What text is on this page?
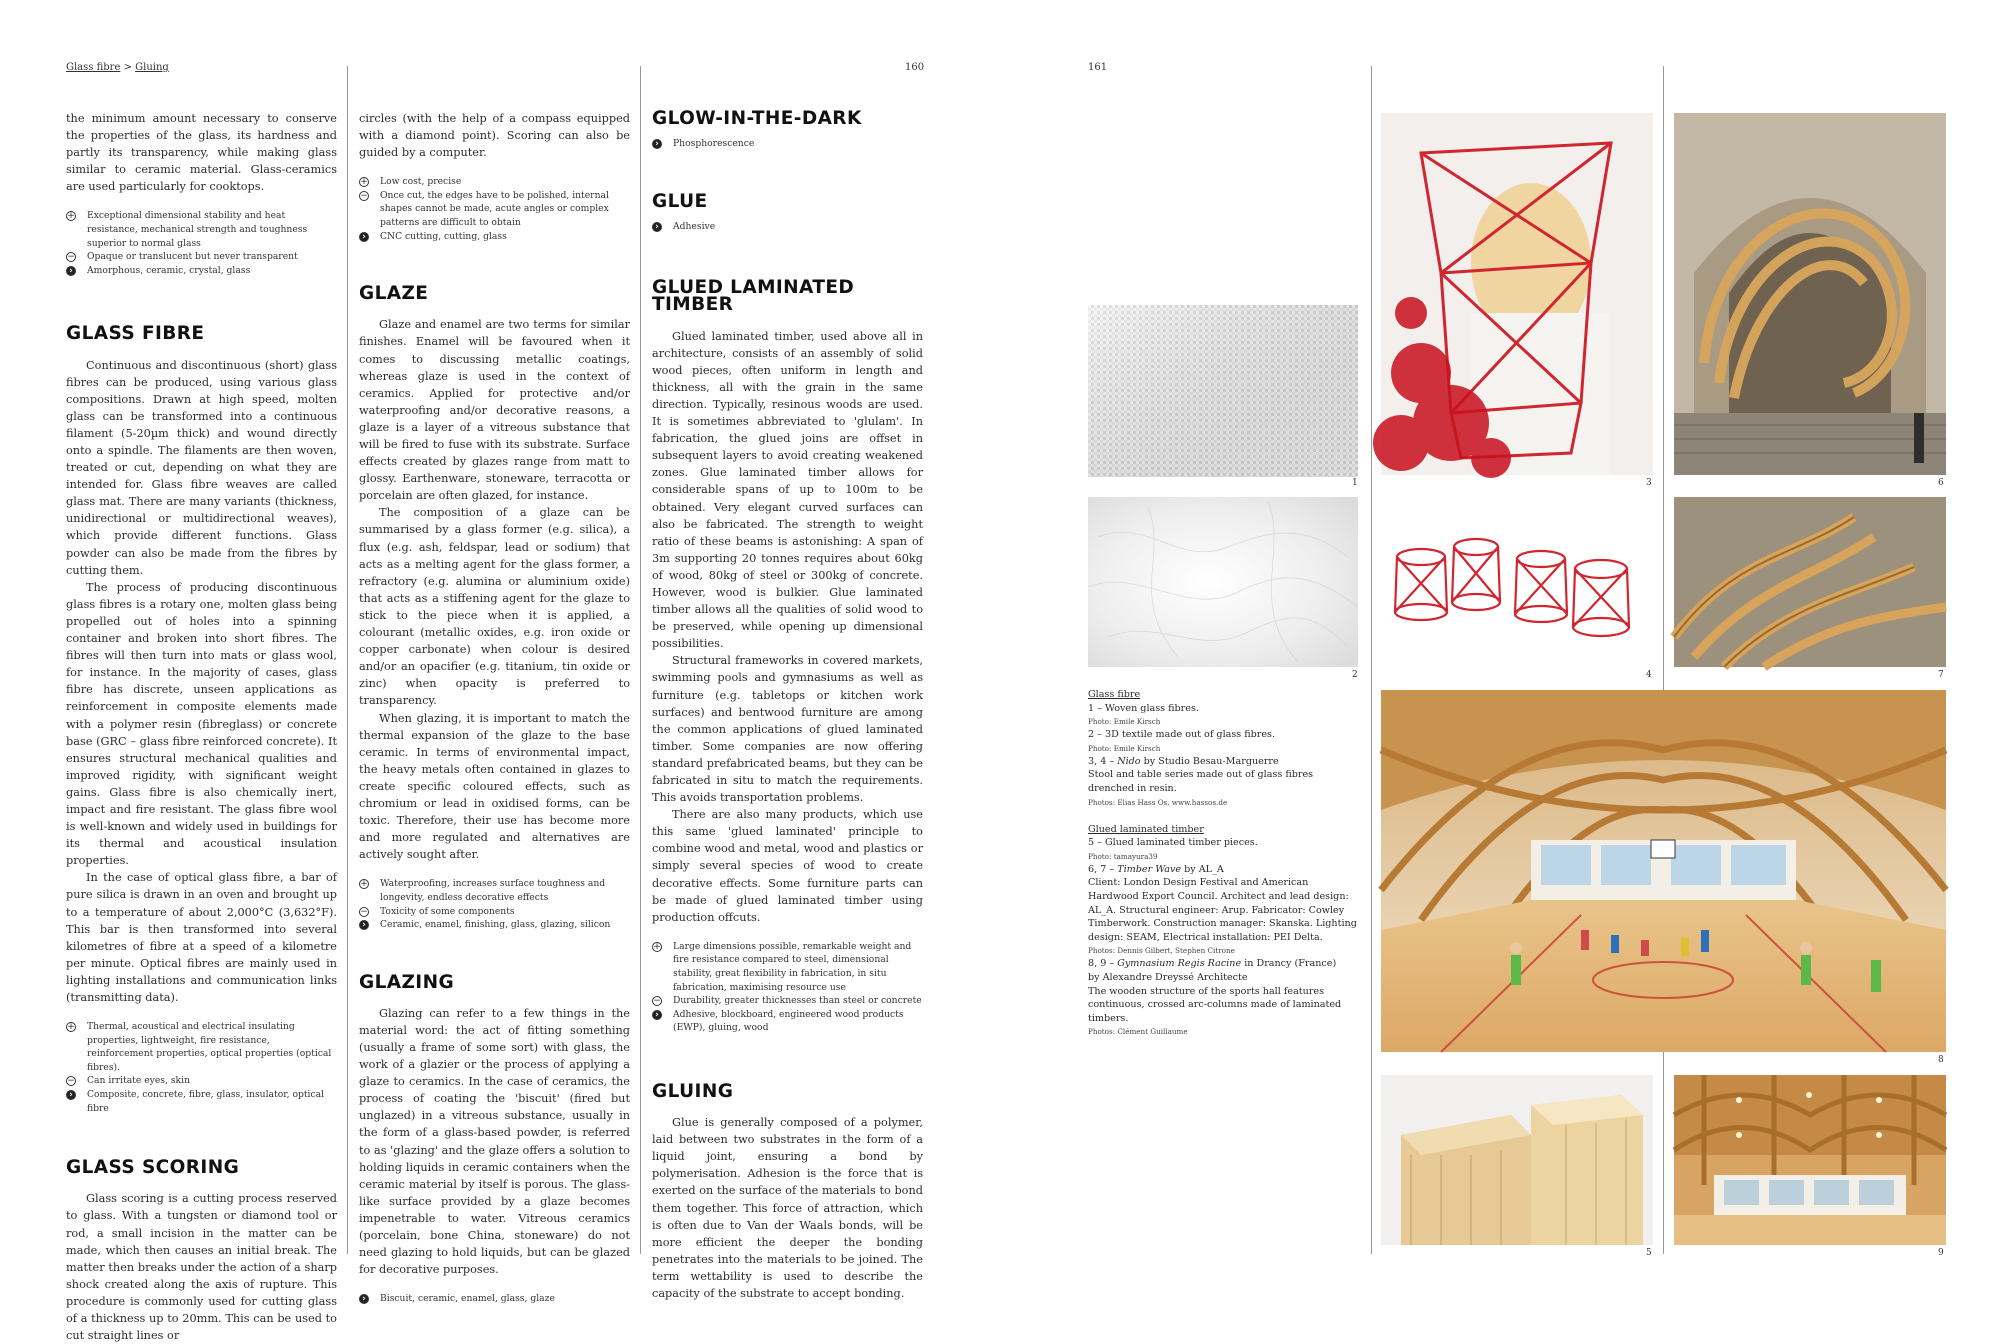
Glass fibre > Gluing	160	161

the minimum amount necessary to conserve the properties of the glass, its hardness and partly its transparency, while making glass similar to ceramic material. Glass-ceramics are used particularly for cooktops.

+ Exceptional dimensional stability and heat resistance, mechanical strength and toughness superior to normal glass
− Opaque or translucent but never transparent
›
Amorphous, ceramic, crystal, glass
GLASS FIBRE

Continuous and discontinuous (short) glass fibres can be produced, using various glass compositions. Drawn at high speed, molten glass can be transformed into a continuous filament (5-20µm thick) and wound directly onto a spindle. The filaments are then woven, treated or cut, depending on what they are intended for. Glass fibre weaves are called glass mat. There are many variants (thickness, unidirectional or multidirectional weaves), which provide different functions. Glass powder can also be made from the fibres by cutting them.

The process of producing discontinuous glass fibres is a rotary one, molten glass being propelled out of holes into a spinning container and broken into short fibres. The fibres will then turn into mats or glass wool, for instance. In the majority of cases, glass fibre has discrete, unseen applications as reinforcement in composite elements made with a polymer resin (fibreglass) or concrete base (GRC – glass fibre reinforced concrete). It ensures structural mechanical qualities and improved rigidity, with significant weight gains. Glass fibre is also chemically inert, impact and fire resistant. The glass fibre wool is well-known and widely used in buildings for its thermal and acoustical insulation properties.

In the case of optical glass fibre, a bar of pure silica is drawn in an oven and brought up to a temperature of about 2,000°C (3,632°F). This bar is then transformed into several kilometres of fibre at a speed of a kilometre per minute. Optical fibres are mainly used in lighting installations and communication links (transmitting data).

+ Thermal, acoustical and electrical insulating properties, lightweight, fire resistance, reinforcement properties, optical properties (optical fibres).
− Can irritate eyes, skin
›
Composite, concrete, fibre, glass, insulator, optical fibre
GLASS SCORING

Glass scoring is a cutting process reserved to glass. With a tungsten or diamond tool or rod, a small incision in the matter can be made, which then causes an initial break. The matter then breaks under the action of a sharp shock created along the axis of rupture. This procedure is commonly used for cutting glass of a thickness up to 20mm. This can be used to cut straight lines or

circles (with the help of a compass equipped with a diamond point). Scoring can also be guided by a computer.

+ Low cost, precise
− Once cut, the edges have to be polished, internal shapes cannot be made, acute angles or complex patterns are difficult to obtain
›
CNC cutting, cutting, glass
GLAZE

Glaze and enamel are two terms for similar finishes. Enamel will be favoured when it comes to discussing metallic coatings, whereas glaze is used in the context of ceramics. Applied for protective and/or waterproofing and/or decorative reasons, a glaze is a layer of a vitreous substance that will be fired to fuse with its substrate. Surface effects created by glazes range from matt to glossy. Earthenware, stoneware, terracotta or porcelain are often glazed, for instance.

The composition of a glaze can be summarised by a glass former (e.g. silica), a flux (e.g. ash, feldspar, lead or sodium) that acts as a melting agent for the glass former, a refractory (e.g. alumina or aluminium oxide) that acts as a stiffening agent for the glaze to stick to the piece when it is applied, a colourant (metallic oxides, e.g. iron oxide or copper carbonate) when colour is desired and/or an opacifier (e.g. titanium, tin oxide or zinc) when opacity is preferred to transparency.

When glazing, it is important to match the thermal expansion of the glaze to the base ceramic. In terms of environmental impact, the heavy metals often contained in glazes to create specific coloured effects, such as chromium or lead in oxidised forms, can be toxic. Therefore, their use has become more and more regulated and alternatives are actively sought after.

+ Waterproofing, increases surface toughness and longevity, endless decorative effects
− Toxicity of some components
›
Ceramic, enamel, finishing, glass, glazing, silicon
GLAZING

Glazing can refer to a few things in the material word: the act of fitting something (usually a frame of some sort) with glass, the work of a glazier or the process of applying a glaze to ceramics. In the case of ceramics, the process of coating the 'biscuit' (fired but unglazed) in a vitreous substance, usually in the form of a glass-based powder, is referred to as 'glazing' and the glaze offers a solution to holding liquids in ceramic containers when the ceramic material by itself is porous. The glass-like surface provided by a glaze becomes impenetrable to water. Vitreous ceramics (porcelain, bone China, stoneware) do not need glazing to hold liquids, but can be glazed for decorative purposes.

›
Biscuit, ceramic, enamel, glass, glaze
GLOW-IN-THE-DARK
›
Phosphorescence
GLUE
›
Adhesive
GLUED LAMINATED TIMBER

Glued laminated timber, used above all in architecture, consists of an assembly of solid wood pieces, often uniform in length and thickness, all with the grain in the same direction. Typically, resinous woods are used. It is sometimes abbreviated to 'glulam'. In fabrication, the glued joins are offset in subsequent layers to avoid creating weakened zones. Glue laminated timber allows for considerable spans of up to 100m to be obtained. Very elegant curved surfaces can also be fabricated. The strength to weight ratio of these beams is astonishing: A span of 3m supporting 20 tonnes requires about 60kg of wood, 80kg of steel or 300kg of concrete. However, wood is bulkier. Glue laminated timber allows all the qualities of solid wood to be preserved, while opening up dimensional possibilities.

Structural frameworks in covered markets, swimming pools and gymnasiums as well as furniture (e.g. tabletops or kitchen work surfaces) and bentwood furniture are among the common applications of glued laminated timber. Some companies are now offering standard prefabricated beams, but they can be fabricated in situ to match the requirements. This avoids transportation problems.

There are also many products, which use this same 'glued laminated' principle to combine wood and metal, wood and plastics or simply several species of wood to create decorative effects. Some furniture parts can be made of glued laminated timber using production offcuts.

+ Large dimensions possible, remarkable weight and fire resistance compared to steel, dimensional stability, great flexibility in fabrication, in situ fabrication, maximising resource use
− Durability, greater thicknesses than steel or concrete
›
Adhesive, blockboard, engineered wood products (EWP), gluing, wood
GLUING

Glue is generally composed of a polymer, laid between two substrates in the form of a liquid joint, ensuring a bond by polymerisation. Adhesion is the force that is exerted on the surface of the materials to bond them together. This force of attraction, which is often due to Van der Waals bonds, will be more efficient the deeper the bonding penetrates into the materials to be joined. The term wettability is used to describe the capacity of the substrate to accept bonding.

1
2
3
4
6
7
8
5	9
Glass fibre
1 – Woven glass fibres.
Photo: Emile Kirsch
2 – 3D textile made out of glass fibres.
Photo: Emile Kirsch
3, 4 – Nido by Studio Besau-Marguerre
Stool and table series made out of glass fibres drenched in resin.
Photos: Elias Hass Os, www.hassos.de
Glued laminated timber
5 – Glued laminated timber pieces.
Photo: tamayura39
6, 7 – Timber Wave by AL_A
Client: London Design Festival and American Hardwood Export Council. Architect and lead design: AL_A. Structural engineer: Arup. Fabricator: Cowley Timberwork. Construction manager: Skanska. Lighting design: SEAM, Electrical installation: PEI Delta.
Photos: Dennis Gilbert, Stephen Citrone
8, 9 – Gymnasium Regis Racine in Drancy (France)
by Alexandre Dreyssé Architecte
The wooden structure of the sports hall features continuous, crossed arc-columns made of laminated timbers.
Photos: Clément Guillaume
